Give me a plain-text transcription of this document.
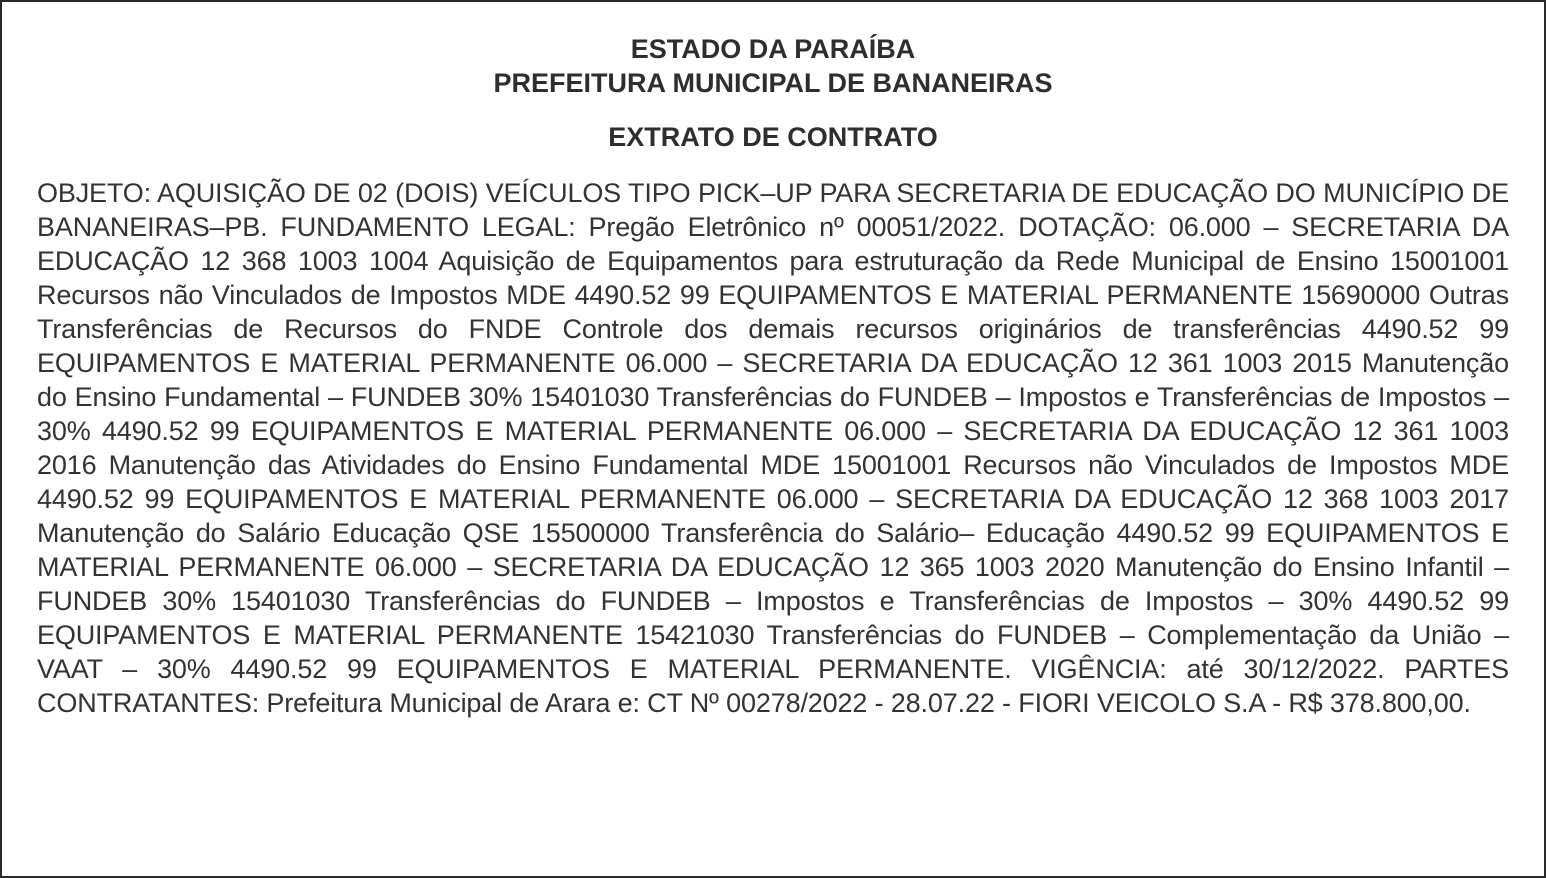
ESTADO DA PARAÍBA
PREFEITURA MUNICIPAL DE BANANEIRAS
EXTRATO DE CONTRATO
OBJETO: AQUISIÇÃO DE 02 (DOIS) VEÍCULOS TIPO PICK–UP PARA SECRETARIA DE EDUCAÇÃO DO MUNICÍPIO DE BANANEIRAS–PB. FUNDAMENTO LEGAL: Pregão Eletrônico nº 00051/2022. DOTAÇÃO: 06.000 – SECRETARIA DA EDUCAÇÃO 12 368 1003 1004 Aquisição de Equipamentos para estruturação da Rede Municipal de Ensino 15001001 Recursos não Vinculados de Impostos MDE 4490.52 99 EQUIPAMENTOS E MATERIAL PERMANENTE 15690000 Outras Transferências de Recursos do FNDE Controle dos demais recursos originários de transferências 4490.52 99 EQUIPAMENTOS E MATERIAL PERMANENTE 06.000 – SECRETARIA DA EDUCAÇÃO 12 361 1003 2015 Manutenção do Ensino Fundamental – FUNDEB 30% 15401030 Transferências do FUNDEB – Impostos e Transferências de Impostos – 30% 4490.52 99 EQUIPAMENTOS E MATERIAL PERMANENTE 06.000 – SECRETARIA DA EDUCAÇÃO 12 361 1003 2016 Manutenção das Atividades do Ensino Fundamental MDE 15001001 Recursos não Vinculados de Impostos MDE 4490.52 99 EQUIPAMENTOS E MATERIAL PERMANENTE 06.000 – SECRETARIA DA EDUCAÇÃO 12 368 1003 2017 Manutenção do Salário Educação QSE 15500000 Transferência do Salário– Educação 4490.52 99 EQUIPAMENTOS E MATERIAL PERMANENTE 06.000 – SECRETARIA DA EDUCAÇÃO 12 365 1003 2020 Manutenção do Ensino Infantil – FUNDEB 30% 15401030 Transferências do FUNDEB – Impostos e Transferências de Impostos – 30% 4490.52 99 EQUIPAMENTOS E MATERIAL PERMANENTE 15421030 Transferências do FUNDEB – Complementação da União – VAAT – 30% 4490.52 99 EQUIPAMENTOS E MATERIAL PERMANENTE. VIGÊNCIA: até 30/12/2022. PARTES CONTRATANTES: Prefeitura Municipal de Arara e: CT Nº 00278/2022 - 28.07.22 - FIORI VEICOLO S.A - R$ 378.800,00.
